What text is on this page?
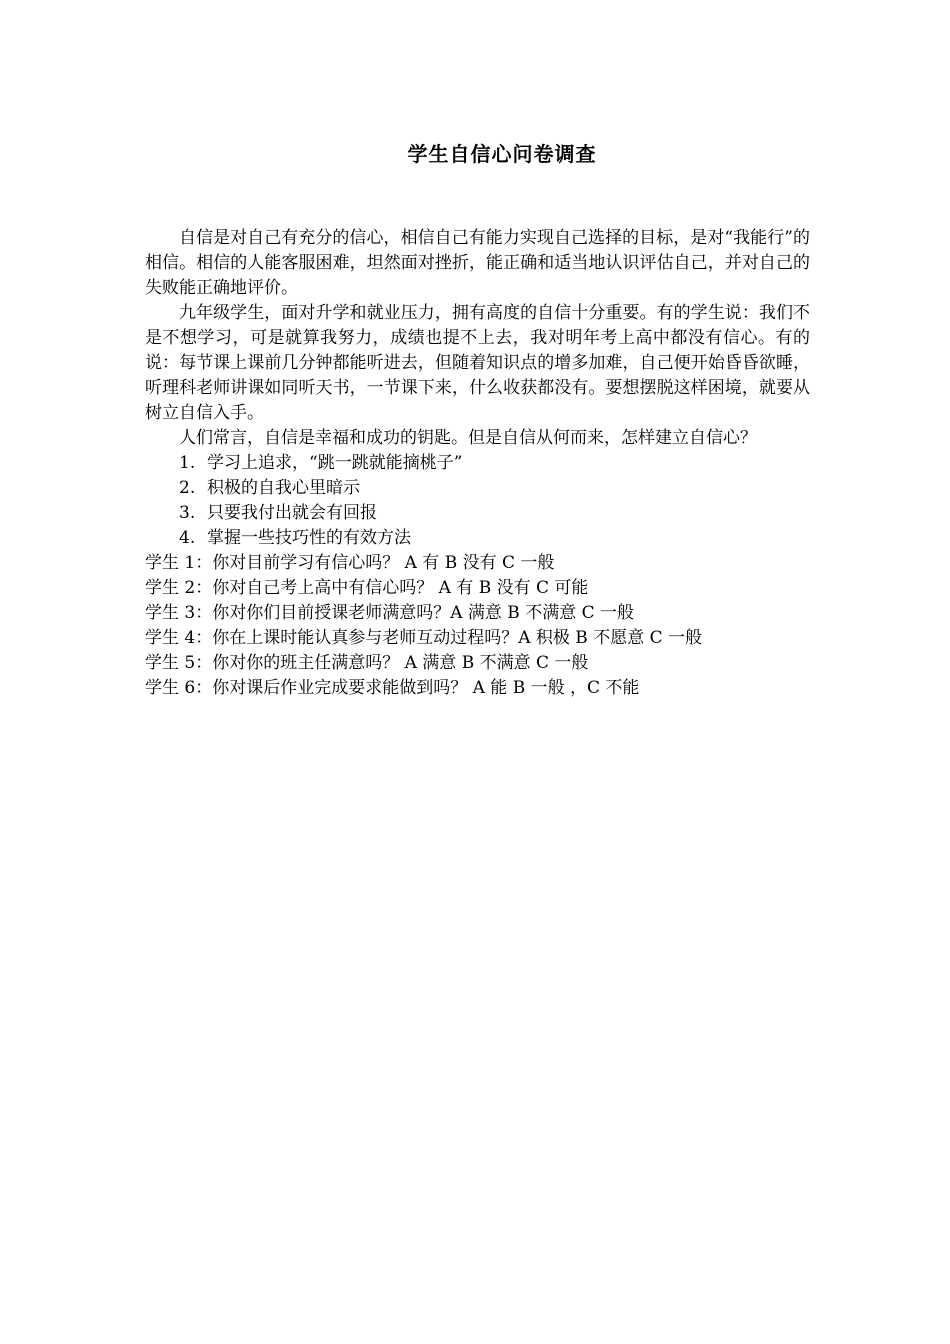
学生自信心问卷调查

自信是对自己有充分的信心，相信自己有能力实现自己选择的目标，是对“我能行”的相信。相信的人能客服困难，坦然面对挫折，能正确和适当地认识评估自己，并对自己的失败能正确地评价。

九年级学生，面对升学和就业压力，拥有高度的自信十分重要。有的学生说：我们不是不想学习，可是就算我努力，成绩也提不上去，我对明年考上高中都没有信心。有的说：每节课上课前几分钟都能听进去，但随着知识点的增多加难，自己便开始昏昏欲睡，听理科老师讲课如同听天书，一节课下来，什么收获都没有。要想摆脱这样困境，就要从树立自信入手。

人们常言，自信是幸福和成功的钥匙。但是自信从何而来，怎样建立自信心？

1. 学习上追求，“跳一跳就能摘桃子”
2. 积极的自我心里暗示
3. 只要我付出就会有回报
4. 掌握一些技巧性的有效方法

学生 1：你对目前学习有信心吗？ A 有 B 没有 C 一般

学生 2：你对自己考上高中有信心吗？ A 有 B 没有 C 可能

学生 3：你对你们目前授课老师满意吗？A 满意 B 不满意 C 一般

学生 4：你在上课时能认真参与老师互动过程吗？A 积极 B 不愿意 C 一般

学生 5：你对你的班主任满意吗？ A 满意 B 不满意 C 一般

学生 6：你对课后作业完成要求能做到吗？ A 能 B 一般 ，C 不能
